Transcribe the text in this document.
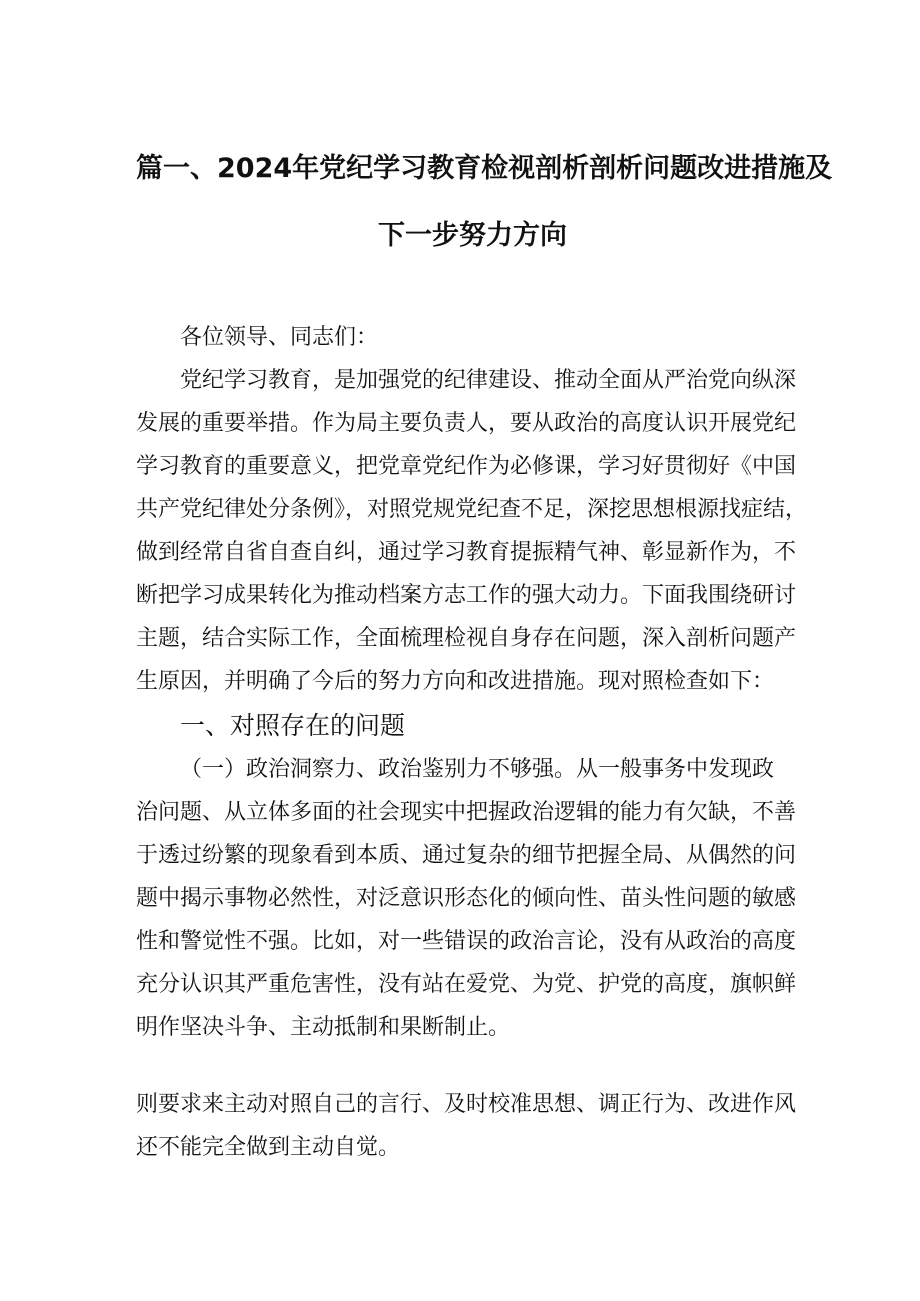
篇一、2024年党纪学习教育检视剖析剖析问题改进措施及
下一步努力方向
各位领导、同志们：
党纪学习教育，是加强党的纪律建设、推动全面从严治党向纵深
发展的重要举措。作为局主要负责人，要从政治的高度认识开展党纪
学习教育的重要意义，把党章党纪作为必修课，学习好贯彻好《中国
共产党纪律处分条例》，对照党规党纪查不足，深挖思想根源找症结，
做到经常自省自查自纠，通过学习教育提振精气神、彰显新作为，不
断把学习成果转化为推动档案方志工作的强大动力。下面我围绕研讨
主题，结合实际工作，全面梳理检视自身存在问题，深入剖析问题产
生原因，并明确了今后的努力方向和改进措施。现对照检查如下：
一、对照存在的问题
（一）政治洞察力、政治鉴别力不够强。从一般事务中发现政
治问题、从立体多面的社会现实中把握政治逻辑的能力有欠缺，不善
于透过纷繁的现象看到本质、通过复杂的细节把握全局、从偶然的问
题中揭示事物必然性，对泛意识形态化的倾向性、苗头性问题的敏感
性和警觉性不强。比如，对一些错误的政治言论，没有从政治的高度
充分认识其严重危害性，没有站在爱党、为党、护党的高度，旗帜鲜
明作坚决斗争、主动抵制和果断制止。
则要求来主动对照自己的言行、及时校准思想、调正行为、改进作风
还不能完全做到主动自觉。
